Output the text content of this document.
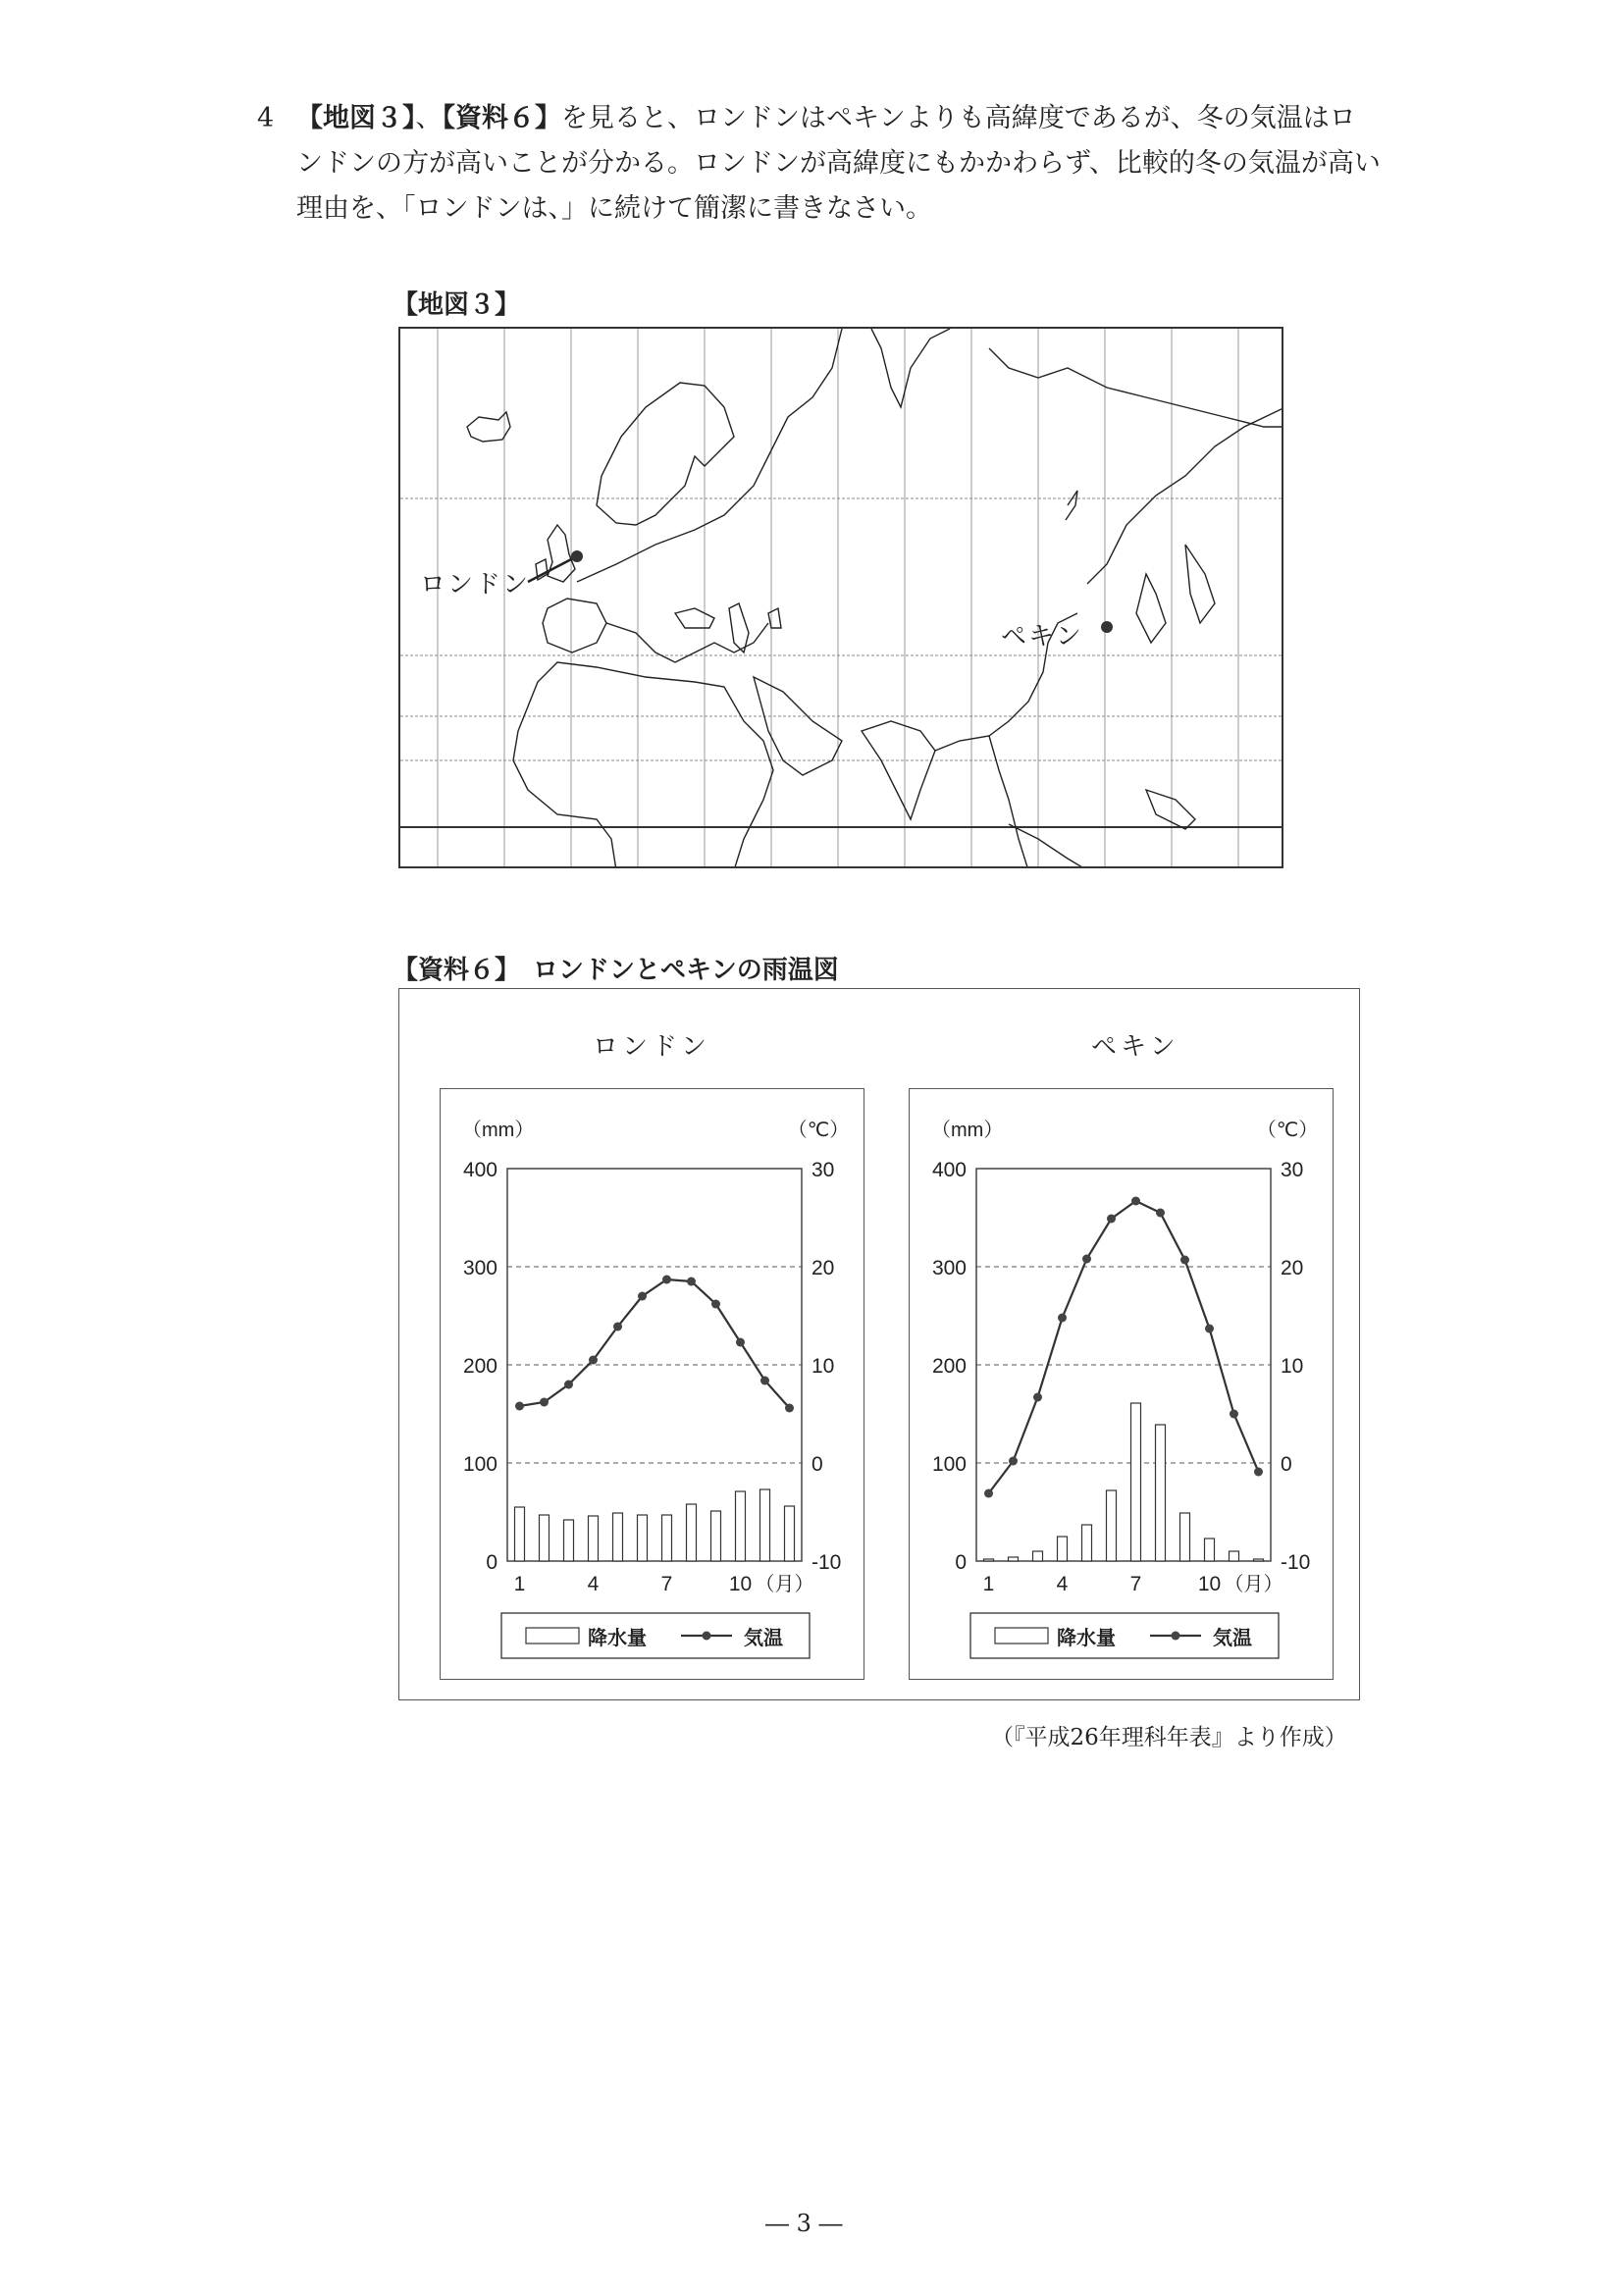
4 【地図３】、【資料６】を見ると、ロンドンはペキンよりも高緯度であるが、冬の気温はロ
ンドンの方が高いことが分かる。ロンドンが高緯度にもかかわらず、比較的冬の気温が高い
理由を、「ロンドンは、」に続けて簡潔に書きなさい。
【地図３】
ロンドン
ペキン
【資料６】　ロンドンとペキンの雨温図
ロンドン	ペキン
（mm）	（℃）
400
300
200
100
0
30
20
10
0
-10
1	4	7	10 （月）
降水量	気温
（mm）	（℃）
400
300
200
100
0
30
20
10
0
-10
1	4	7	10 （月）
降水量	気温
（『平成26年理科年表』より作成）
― 3 ―
